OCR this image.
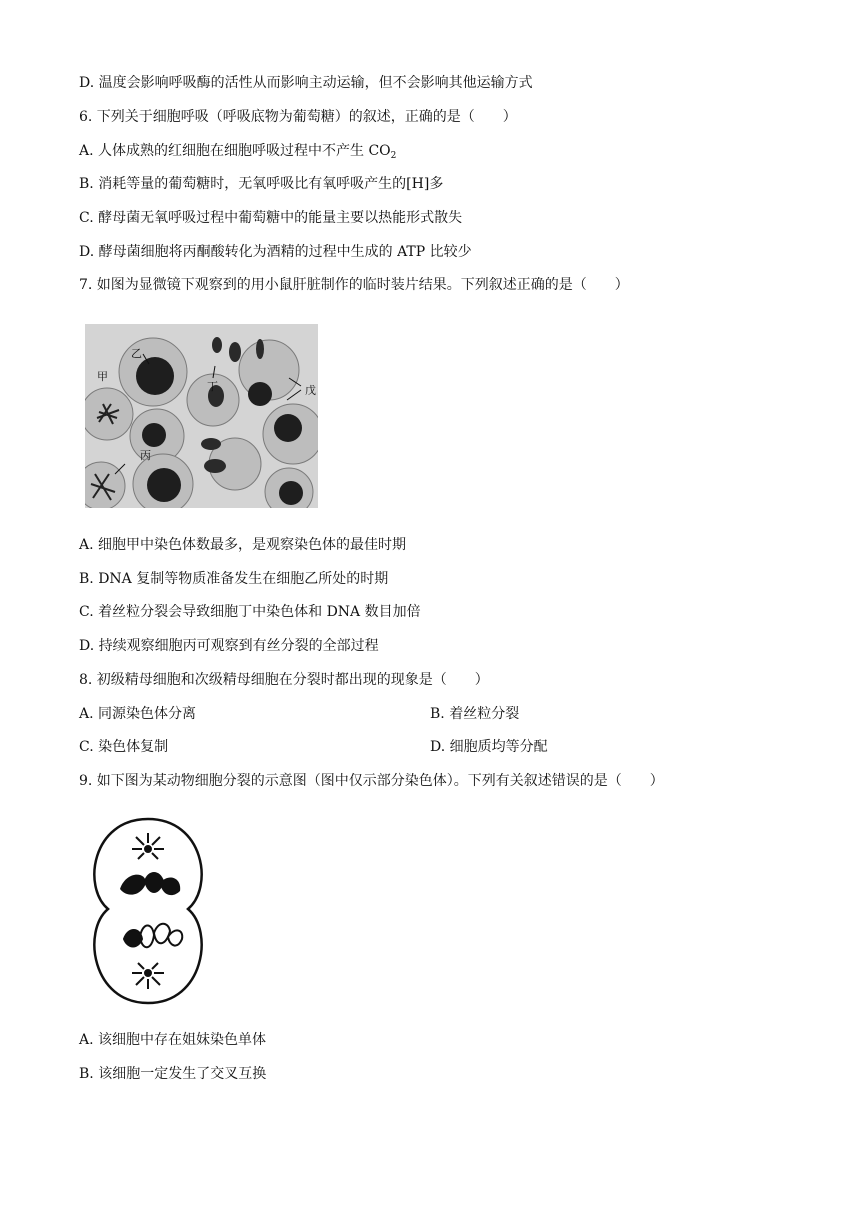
D. 温度会影响呼吸酶的活性从而影响主动运输，但不会影响其他运输方式
6. 下列关于细胞呼吸（呼吸底物为葡萄糖）的叙述，正确的是（　　）
A. 人体成熟的红细胞在细胞呼吸过程中不产生 $CO_2$
B. 消耗等量的葡萄糖时，无氧呼吸比有氧呼吸产生的[H]多
C. 酵母菌无氧呼吸过程中葡萄糖中的能量主要以热能形式散失
D. 酵母菌细胞将丙酮酸转化为酒精的过程中生成的 ATP 比较少
7. 如图为显微镜下观察到的用小鼠肝脏制作的临时装片结果。下列叙述正确的是（　　）
甲
乙
丙
丁	戊
A. 细胞甲中染色体数最多，是观察染色体的最佳时期
B. DNA 复制等物质准备发生在细胞乙所处的时期
C. 着丝粒分裂会导致细胞丁中染色体和 DNA 数目加倍
D. 持续观察细胞丙可观察到有丝分裂的全部过程
8. 初级精母细胞和次级精母细胞在分裂时都出现的现象是（　　）
A. 同源染色体分离	B. 着丝粒分裂
C. 染色体复制	D. 细胞质均等分配
9. 如下图为某动物细胞分裂的示意图（图中仅示部分染色体）。下列有关叙述错误的是（　　）
A. 该细胞中存在姐妹染色单体
B. 该细胞一定发生了交叉互换
